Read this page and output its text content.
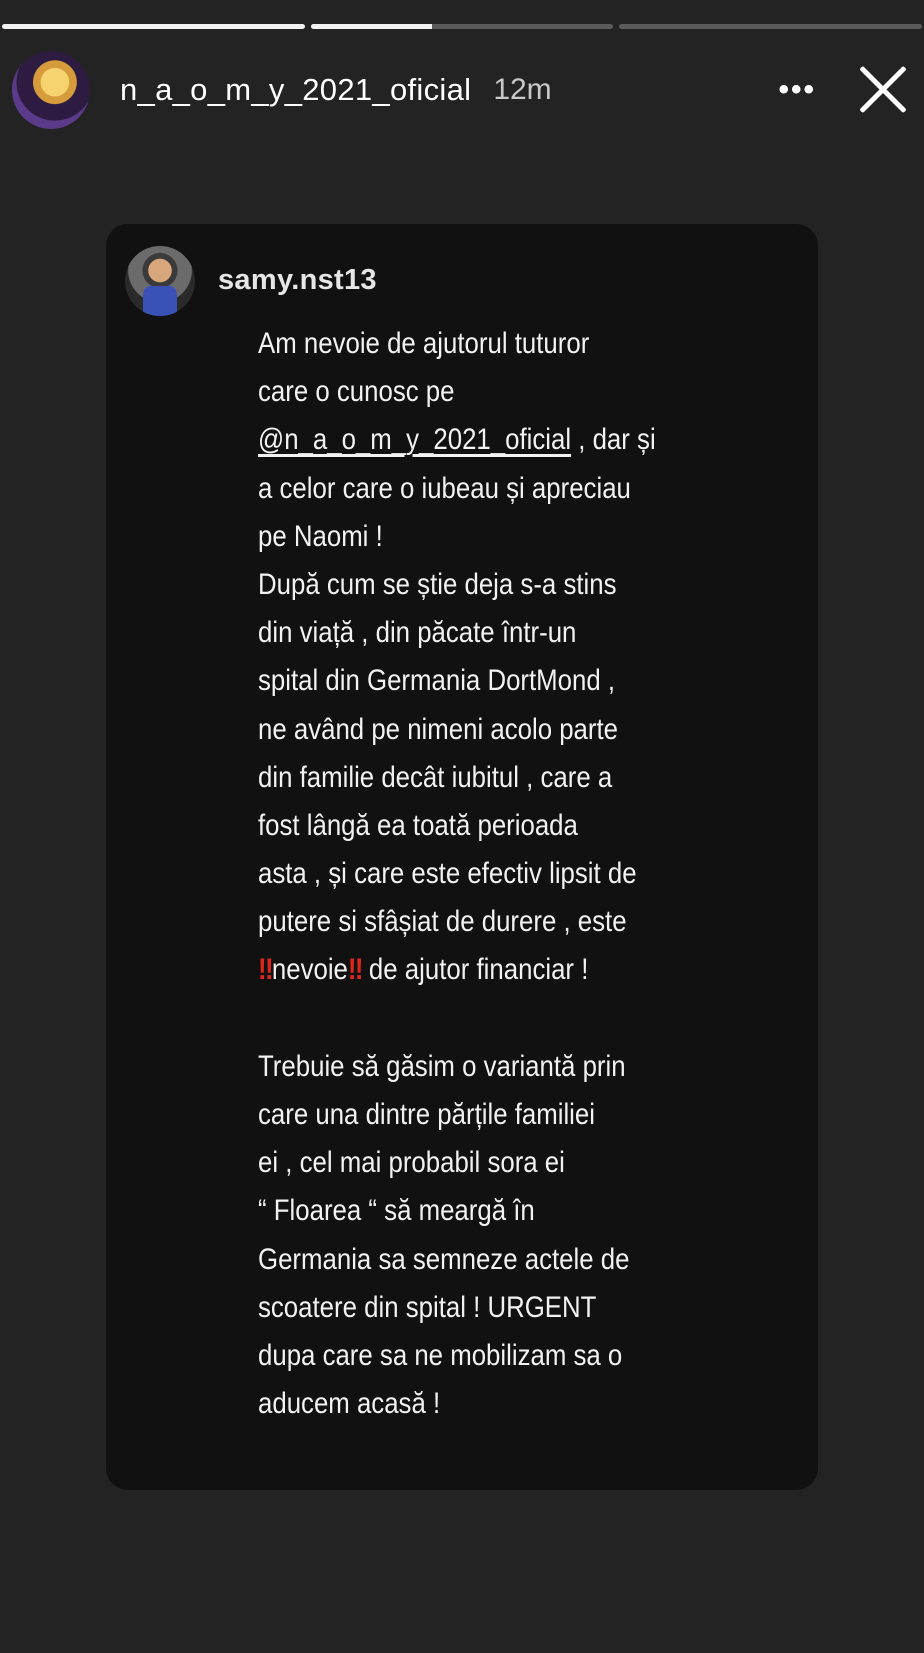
n_a_o_m_y_2021_oficial 12m	•••
samy.nst13
Am nevoie de ajutorul tuturor
care o cunosc pe
@n_a_o_m_y_2021_oficial , dar și
a celor care o iubeau și apreciau
pe Naomi !
După cum se știe deja s-a stins
din viață , din păcate într-un
spital din Germania DortMond ,
ne având pe nimeni acolo parte
din familie decât iubitul , care a
fost lângă ea toată perioada
asta , și care este efectiv lipsit de
putere si sfâșiat de durere , este
‼nevoie‼ de ajutor financiar !
Trebuie să găsim o variantă prin
care una dintre părțile familiei
ei , cel mai probabil sora ei
“ Floarea “ să meargă în
Germania sa semneze actele de
scoatere din spital ! URGENT
dupa care sa ne mobilizam sa o
aducem acasă !
